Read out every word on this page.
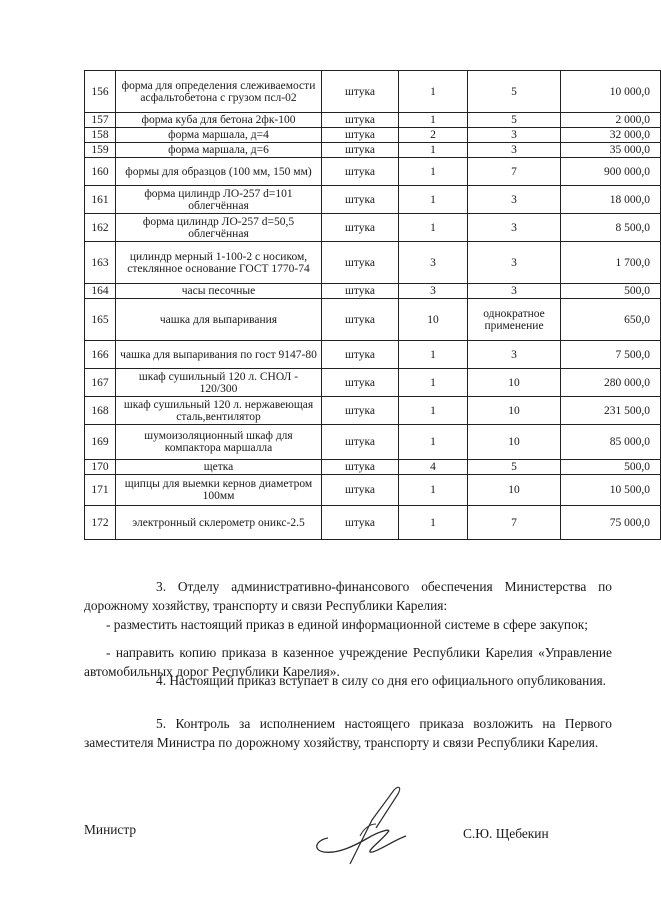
156	форма для определения слеживаемости асфальтобетона с грузом псл-02	штука	1	5	10 000,0
157	форма куба для бетона 2фк-100	штука	1	5	2 000,0
158	форма маршала, д=4	штука	2	3	32 000,0
159	форма маршала, д=6	штука	1	3	35 000,0
160	формы для образцов (100 мм, 150 мм)	штука	1	7	900 000,0
161	форма цилиндр ЛО-257 d=101 облегчённая	штука	1	3	18 000,0
162	форма цилиндр ЛО-257 d=50,5 облегчённая	штука	1	3	8 500,0
163	цилиндр мерный 1-100-2 с носиком, стеклянное основание ГОСТ 1770-74	штука	3	3	1 700,0
164	часы песочные	штука	3	3	500,0
165	чашка для выпаривания	штука	10	однократное применение	650,0
166	чашка для выпаривания по гост 9147-80	штука	1	3	7 500,0
167	шкаф сушильный 120 л. СНОЛ - 120/300	штука	1	10	280 000,0
168	шкаф сушильный 120 л. нержавеющая сталь,вентилятор	штука	1	10	231 500,0
169	шумоизоляционный шкаф для компактора маршалла	штука	1	10	85 000,0
170	щетка	штука	4	5	500,0
171	щипцы для выемки кернов диаметром 100мм	штука	1	10	10 500,0
172	электронный склерометр оникс-2.5	штука	1	7	75 000,0

3. Отделу административно-финансового обеспечения Министерства по дорожному хозяйству, транспорту и связи Республики Карелия:

- разместить настоящий приказ в единой информационной системе в сфере закупок;

- направить копию приказа в казенное учреждение Республики Карелия «Управление автомобильных дорог Республики Карелия».

4. Настоящий приказ вступает в силу со дня его официального опубликования.

5. Контроль за исполнением настоящего приказа возложить на Первого заместителя Министра по дорожному хозяйству, транспорту и связи Республики Карелия.

Министр	С.Ю. Щебекин
